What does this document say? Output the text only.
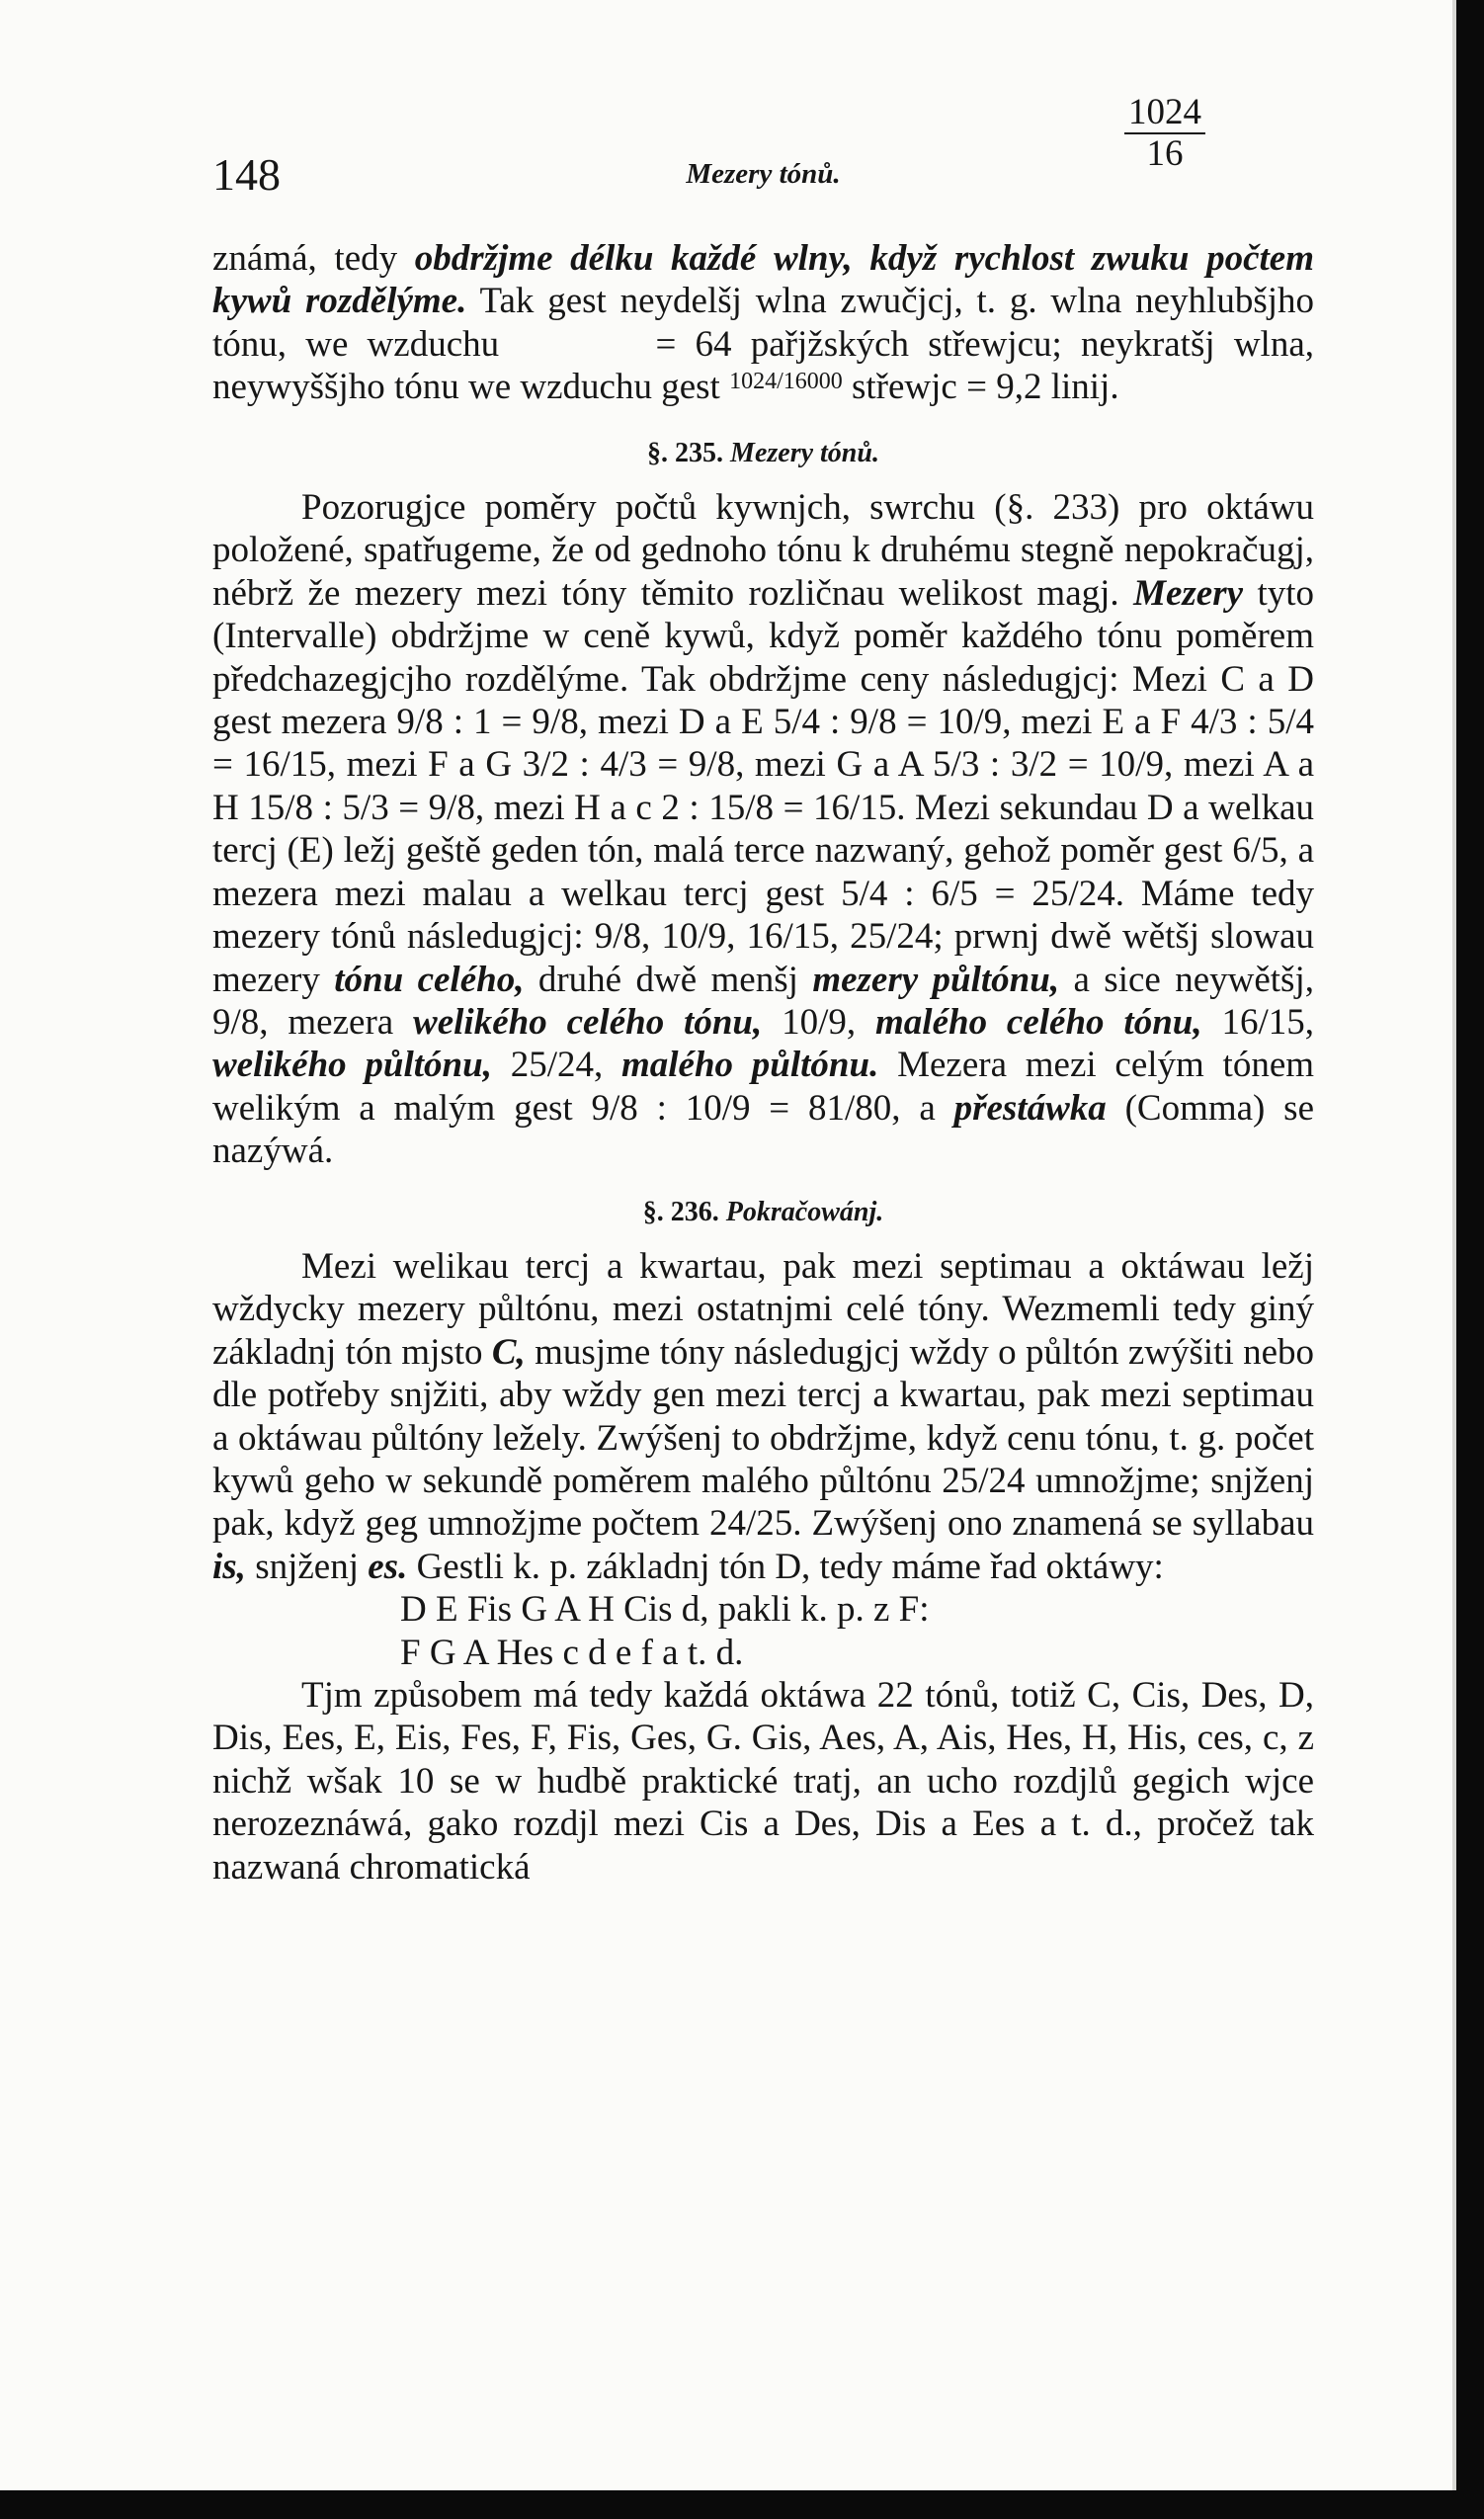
148	Mezery tónů.	$\frac{1024}{16}$

známá, tedy obdržjme délku každé wlny, když rychlost zwuku počtem kywů rozdělýme. Tak gest neydelšj wlna zwučjcj, t. g. wlna neyhlubšjho tónu, we wzduchu	= 64 pařjžských střewjcu; neykratšj wlna, neywyššjho tónu we wzduchu gest $^{1024/16000}$ střewjc = 9,2 linij.

§. 235. Mezery tónů.

Pozorugjce poměry počtů kywnjch, swrchu (§. 233) pro oktáwu položené, spatřugeme, že od gednoho tónu k druhému stegně nepokračugj, nébrž že mezery mezi tóny těmito rozličnau welikost magj. Mezery tyto (Intervalle) obdržjme w ceně kywů, když poměr každého tónu poměrem předchazegjcjho rozdělýme. Tak obdržjme ceny následugjcj: Mezi C a D gest mezera 9/8 : 1 = 9/8, mezi D a E 5/4 : 9/8 = 10/9, mezi E a F 4/3 : 5/4 = 16/15, mezi F a G 3/2 : 4/3 = 9/8, mezi G a A 5/3 : 3/2 = 10/9, mezi A a H 15/8 : 5/3 = 9/8, mezi H a c 2 : 15/8 = 16/15. Mezi sekundau D a welkau tercj (E) ležj geště geden tón, malá terce nazwaný, gehož poměr gest 6/5, a mezera mezi malau a welkau tercj gest 5/4 : 6/5 = 25/24. Máme tedy mezery tónů následugjcj: 9/8, 10/9, 16/15, 25/24; prwnj dwě wětšj slowau mezery tónu celého, druhé dwě menšj mezery půltónu, a sice neywětšj, 9/8, mezera welikého celého tónu, 10/9, malého celého tónu, 16/15, welikého půltónu, 25/24, malého půltónu. Mezera mezi celým tónem welikým a malým gest 9/8 : 10/9 = 81/80, a přestáwka (Comma) se nazýwá.

§. 236. Pokračowánj.

Mezi welikau tercj a kwartau, pak mezi septimau a oktáwau ležj wždycky mezery půltónu, mezi ostatnjmi celé tóny. Wezmemli tedy giný základnj tón mjsto C, musjme tóny následugjcj wždy o půltón zwýšiti nebo dle potřeby snjžiti, aby wždy gen mezi tercj a kwartau, pak mezi septimau a oktáwau půltóny ležely. Zwýšenj to obdržjme, když cenu tónu, t. g. počet kywů geho w sekundě poměrem malého půltónu 25/24 umnožjme; snjženj pak, když geg umnožjme počtem 24/25. Zwýšenj ono znamená se syllabau is, snjženj es. Gestli k. p. základnj tón D, tedy máme řad oktáwy:

D E Fis G A H Cis d, pakli k. p. z F:
F G A Hes c d e f a t. d.

Tjm způsobem má tedy každá oktáwa 22 tónů, totiž C, Cis, Des, D, Dis, Ees, E, Eis, Fes, F, Fis, Ges, G. Gis, Aes, A, Ais, Hes, H, His, ces, c, z nichž wšak 10 se w hudbě praktické tratj, an ucho rozdjlů gegich wjce nerozeznáwá, gako rozdjl mezi Cis a Des, Dis a Ees a t. d., pročež tak nazwaná chromatická
